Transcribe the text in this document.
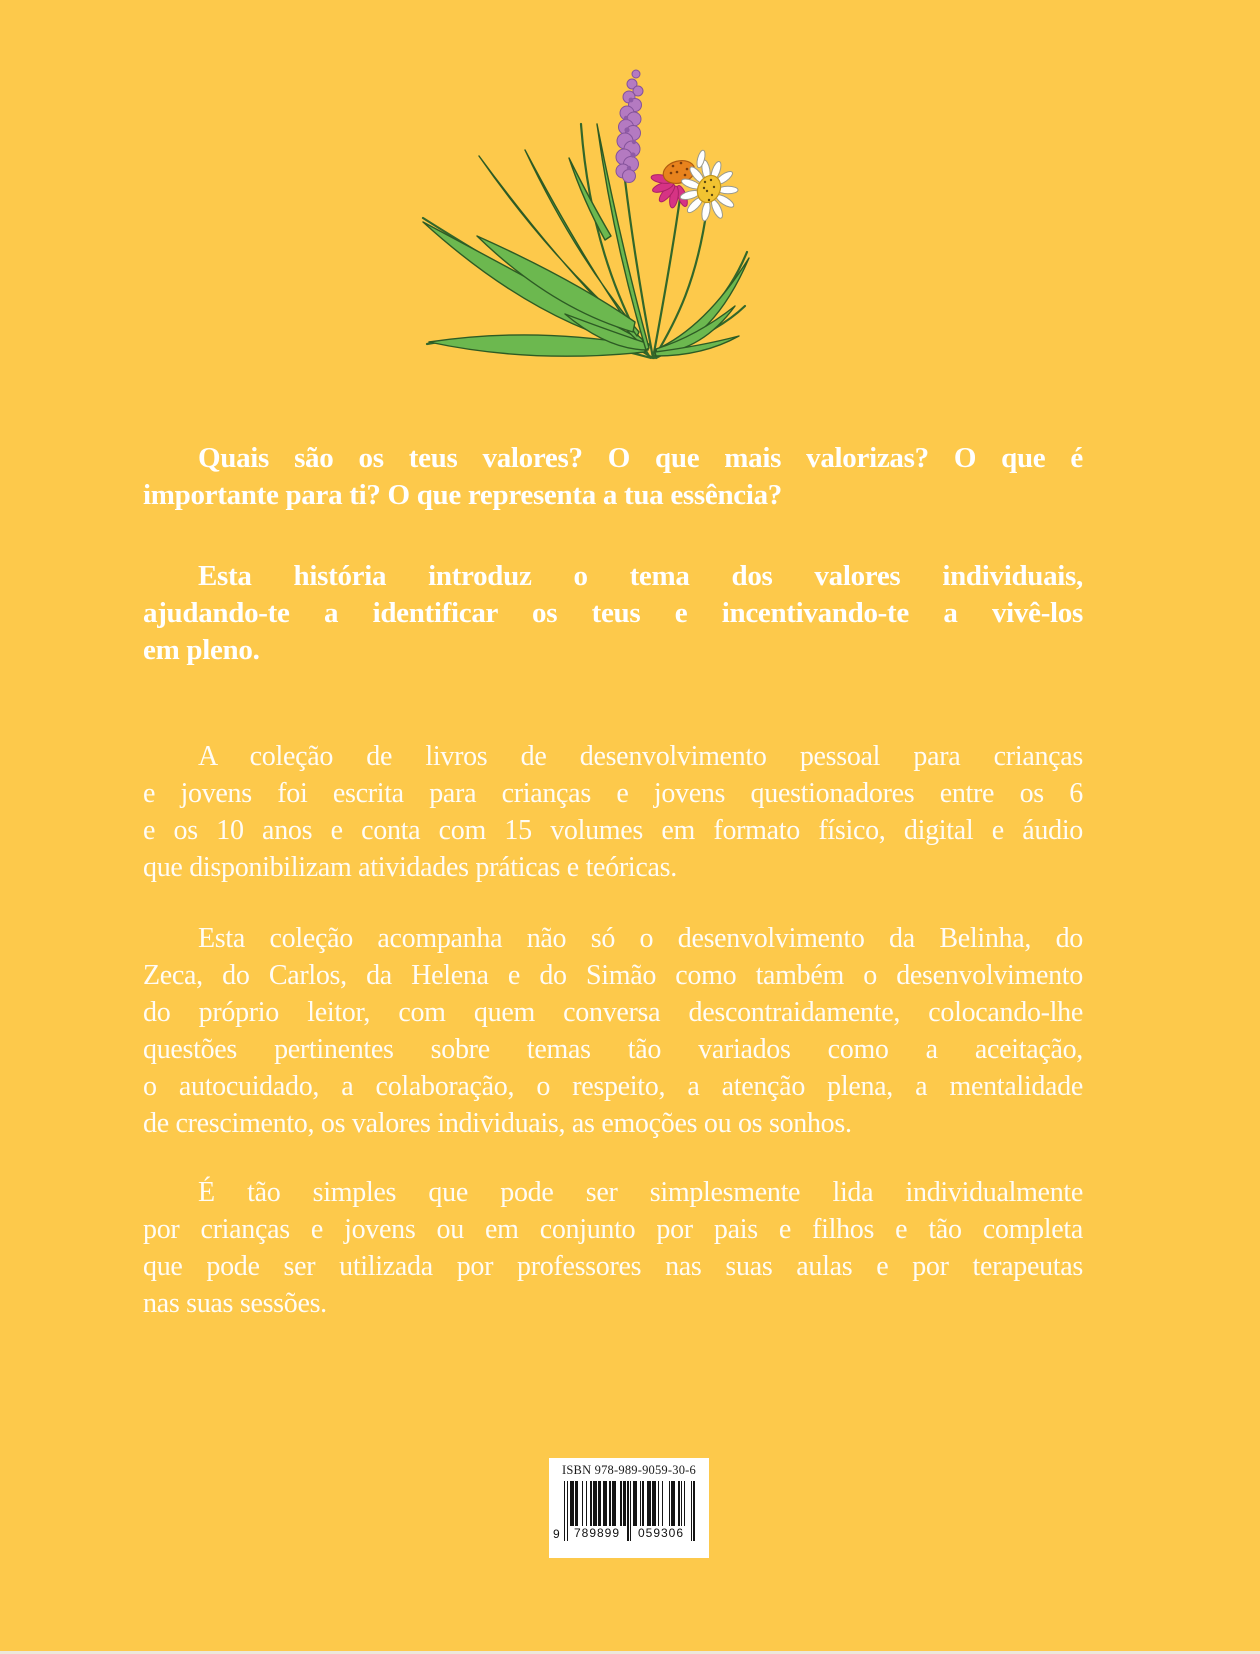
Quais são os teus valores? O que mais valorizas? O que é
importante para ti? O que representa a tua essência?
Esta história introduz o tema dos valores individuais,
ajudando-te a identificar os teus e incentivando-te a vivê-los
em pleno.
A coleção de livros de desenvolvimento pessoal para crianças
e jovens foi escrita para crianças e jovens questionadores entre os 6
e os 10 anos e conta com 15 volumes em formato físico, digital e áudio
que disponibilizam atividades práticas e teóricas.
Esta coleção acompanha não só o desenvolvimento da Belinha, do
Zeca, do Carlos, da Helena e do Simão como também o desenvolvimento
do próprio leitor, com quem conversa descontraidamente, colocando-lhe
questões pertinentes sobre temas tão variados como a aceitação,
o autocuidado, a colaboração, o respeito, a atenção plena, a mentalidade
de crescimento, os valores individuais, as emoções ou os sonhos.
É tão simples que pode ser simplesmente lida individualmente
por crianças e jovens ou em conjunto por pais e filhos e tão completa
que pode ser utilizada por professores nas suas aulas e por terapeutas
nas suas sessões.
ISBN 978-989-9059-30-6
9	789899	059306
